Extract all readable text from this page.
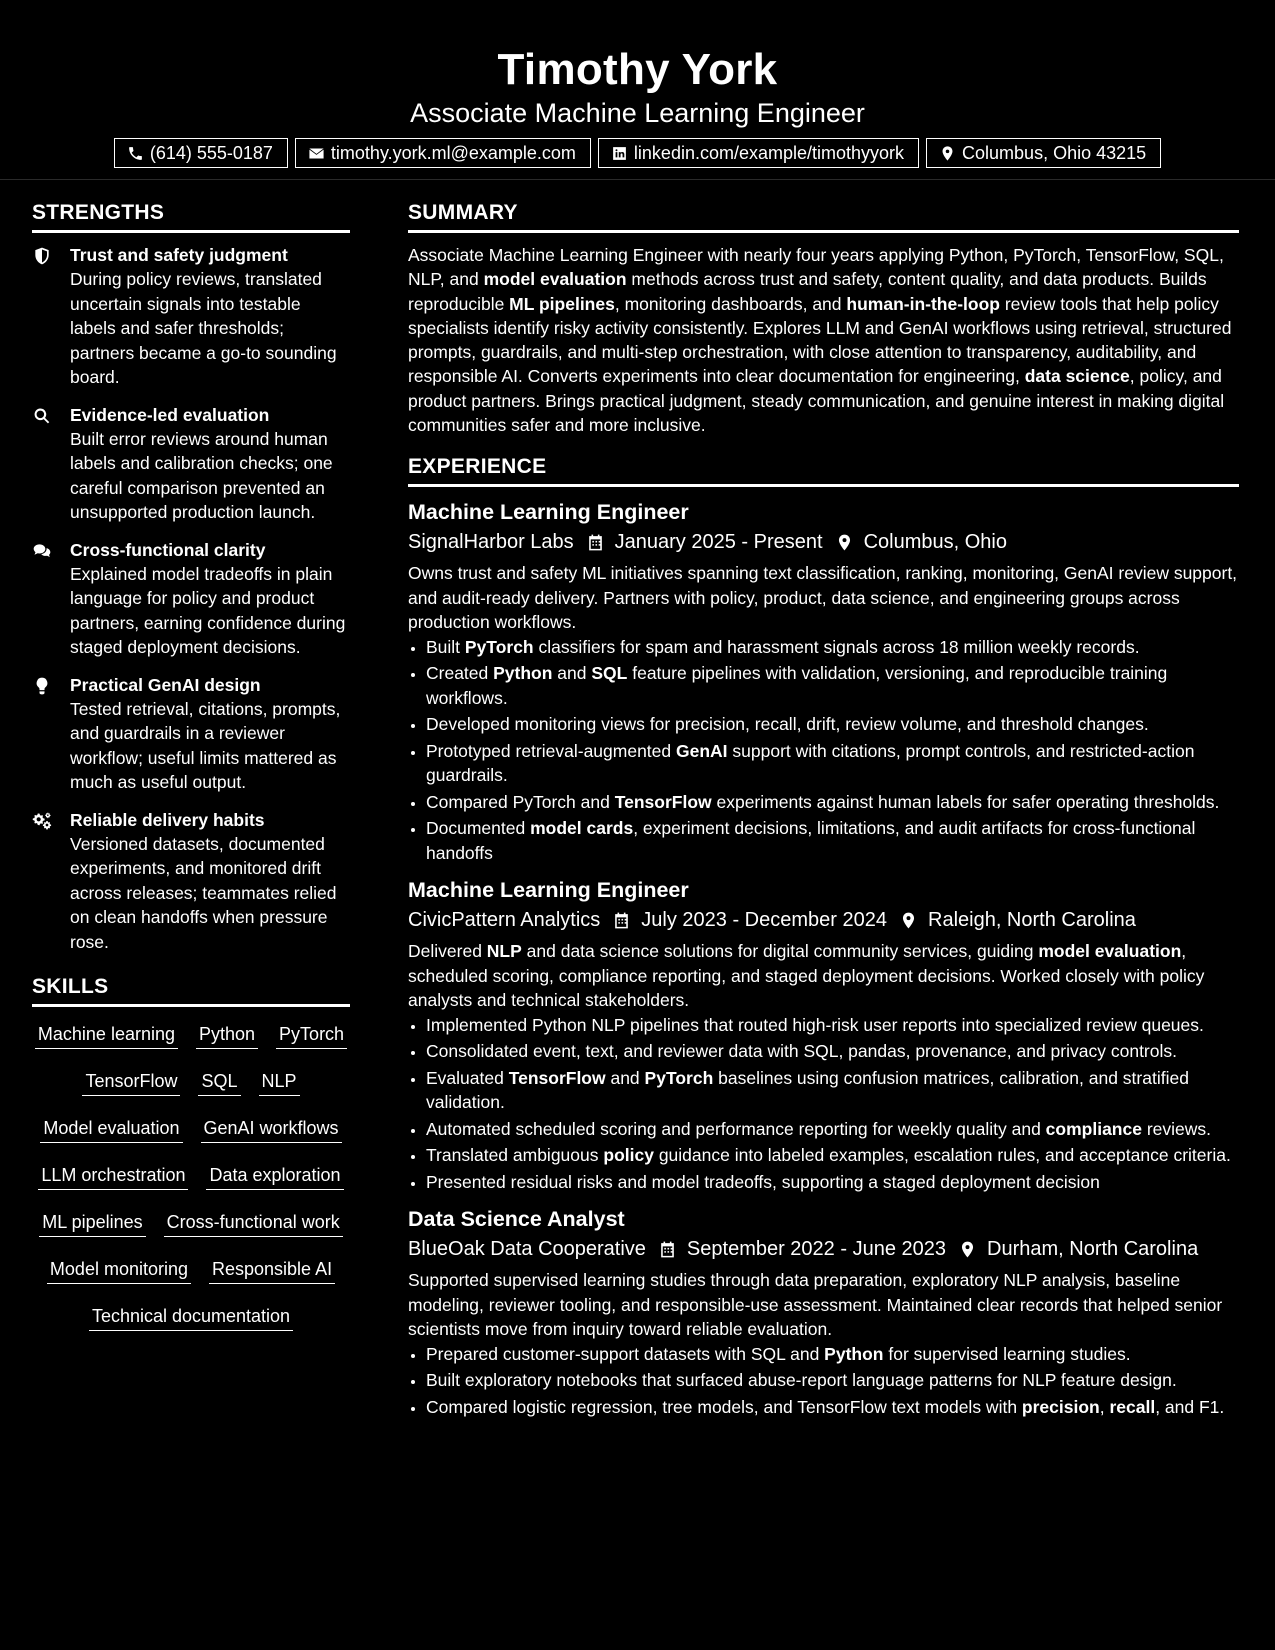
Timothy York
Associate Machine Learning Engineer
(614) 555-0187	timothy.york.ml@example.com	linkedin.com/example/timothyyork	Columbus, Ohio 43215
STRENGTHS
Trust and safety judgment
During policy reviews, translated uncertain signals into testable labels and safer thresholds; partners became a go-to sounding board.
Evidence-led evaluation
Built error reviews around human labels and calibration checks; one careful comparison prevented an unsupported production launch.
Cross-functional clarity
Explained model tradeoffs in plain language for policy and product partners, earning confidence during staged deployment decisions.
Practical GenAI design
Tested retrieval, citations, prompts, and guardrails in a reviewer workflow; useful limits mattered as much as useful output.
Reliable delivery habits
Versioned datasets, documented experiments, and monitored drift across releases; teammates relied on clean handoffs when pressure rose.
SKILLS
Machine learning Python PyTorch
TensorFlow SQL NLP
Model evaluation GenAI workflows
LLM orchestration Data exploration
ML pipelines Cross-functional work
Model monitoring Responsible AI
Technical documentation
SUMMARY
Associate Machine Learning Engineer with nearly four years applying Python, PyTorch, TensorFlow, SQL, NLP, and model evaluation methods across trust and safety, content quality, and data products. Builds reproducible ML pipelines, monitoring dashboards, and human-in-the-loop review tools that help policy specialists identify risky activity consistently. Explores LLM and GenAI workflows using retrieval, structured prompts, guardrails, and multi-step orchestration, with close attention to transparency, auditability, and responsible AI. Converts experiments into clear documentation for engineering, data science, policy, and product partners. Brings practical judgment, steady communication, and genuine interest in making digital communities safer and more inclusive.
EXPERIENCE
Machine Learning Engineer
SignalHarbor Labs January 2025 - Present Columbus, Ohio
Owns trust and safety ML initiatives spanning text classification, ranking, monitoring, GenAI review support, and audit-ready delivery. Partners with policy, product, data science, and engineering groups across production workflows.
• Built PyTorch classifiers for spam and harassment signals across 18 million weekly records.
• Created Python and SQL feature pipelines with validation, versioning, and reproducible training workflows.
• Developed monitoring views for precision, recall, drift, review volume, and threshold changes.
• Prototyped retrieval-augmented GenAI support with citations, prompt controls, and restricted-action guardrails.
• Compared PyTorch and TensorFlow experiments against human labels for safer operating thresholds.
• Documented model cards, experiment decisions, limitations, and audit artifacts for cross-functional handoffs
Machine Learning Engineer
CivicPattern Analytics July 2023 - December 2024 Raleigh, North Carolina
Delivered NLP and data science solutions for digital community services, guiding model evaluation, scheduled scoring, compliance reporting, and staged deployment decisions. Worked closely with policy analysts and technical stakeholders.
• Implemented Python NLP pipelines that routed high-risk user reports into specialized review queues.
• Consolidated event, text, and reviewer data with SQL, pandas, provenance, and privacy controls.
• Evaluated TensorFlow and PyTorch baselines using confusion matrices, calibration, and stratified validation.
• Automated scheduled scoring and performance reporting for weekly quality and compliance reviews.
• Translated ambiguous policy guidance into labeled examples, escalation rules, and acceptance criteria.
• Presented residual risks and model tradeoffs, supporting a staged deployment decision
Data Science Analyst
BlueOak Data Cooperative September 2022 - June 2023 Durham, North Carolina
Supported supervised learning studies through data preparation, exploratory NLP analysis, baseline modeling, reviewer tooling, and responsible-use assessment. Maintained clear records that helped senior scientists move from inquiry toward reliable evaluation.
• Prepared customer-support datasets with SQL and Python for supervised learning studies.
• Built exploratory notebooks that surfaced abuse-report language patterns for NLP feature design.
• Compared logistic regression, tree models, and TensorFlow text models with precision, recall, and F1.
